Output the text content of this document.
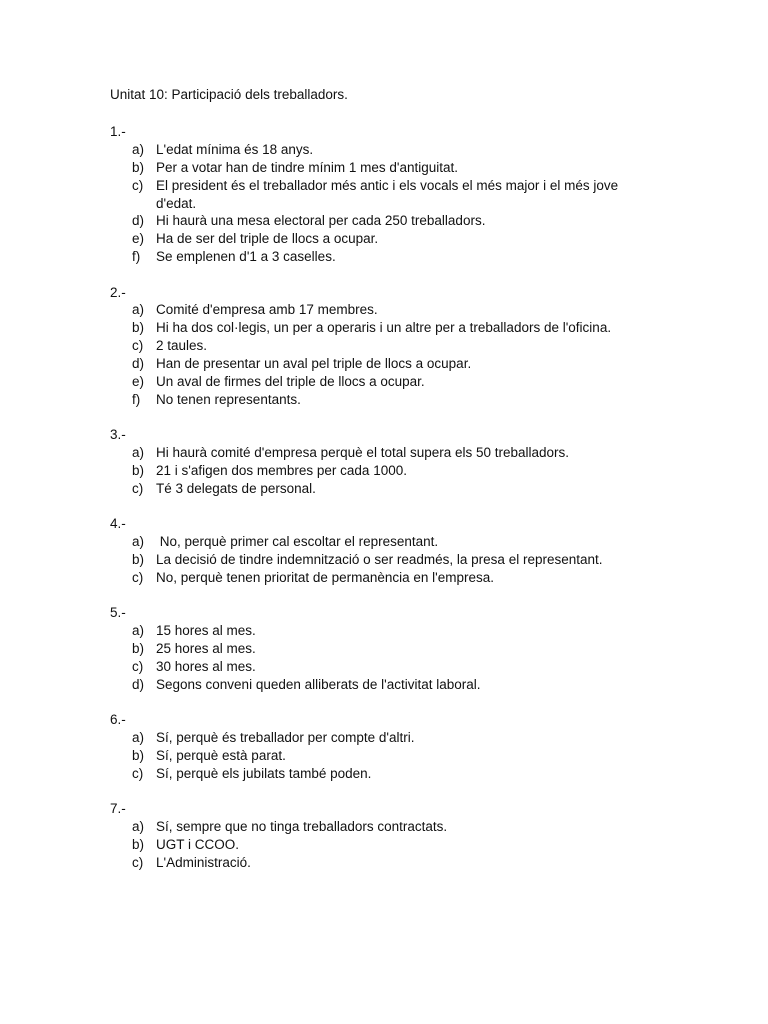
Unitat 10: Participació dels treballadors.
1.-
a) L'edat mínima és 18 anys.
b) Per a votar han de tindre mínim 1 mes d'antiguitat.
c) El president és el treballador més antic i els vocals el més major i el més jove d'edat.
d) Hi haurà una mesa electoral per cada 250 treballadors.
e) Ha de ser del triple de llocs a ocupar.
f) Se emplenen d'1 a 3 caselles.
2.-
a) Comité d'empresa amb 17 membres.
b) Hi ha dos col·legis, un per a operaris i un altre per a treballadors de l'oficina.
c) 2 taules.
d) Han de presentar un aval pel triple de llocs a ocupar.
e) Un aval de firmes del triple de llocs a ocupar.
f) No tenen representants.
3.-
a) Hi haurà comité d'empresa perquè el total supera els 50 treballadors.
b) 21 i s'afigen dos membres per cada 1000.
c) Té 3 delegats de personal.
4.-
a) No, perquè primer cal escoltar el representant.
b) La decisió de tindre indemnització o ser readmés, la presa el representant.
c) No, perquè tenen prioritat de permanència en l'empresa.
5.-
a) 15 hores al mes.
b) 25 hores al mes.
c) 30 hores al mes.
d) Segons conveni queden alliberats de l'activitat laboral.
6.-
a) Sí, perquè és treballador per compte d'altri.
b) Sí, perquè està parat.
c) Sí, perquè els jubilats també poden.
7.-
a) Sí, sempre que no tinga treballadors contractats.
b) UGT i CCOO.
c) L'Administració.
